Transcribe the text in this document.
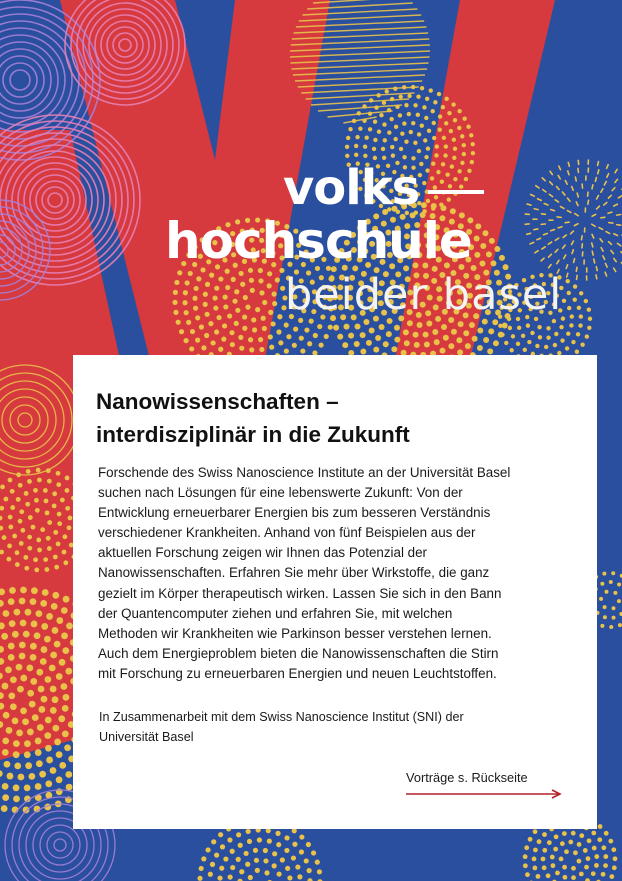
volks
hochschule
beider basel
Nanowissenschaften –
interdisziplinär in die Zukunft
Forschende des Swiss Nanoscience Institute an der Universität Basel
suchen nach Lösungen für eine lebenswerte Zukunft: Von der
Entwicklung erneuerbarer Energien bis zum besseren Verständnis
verschiedener Krankheiten. Anhand von fünf Beispielen aus der
aktuellen Forschung zeigen wir Ihnen das Potenzial der
Nanowissenschaften. Erfahren Sie mehr über Wirkstoffe, die ganz
gezielt im Körper therapeutisch wirken. Lassen Sie sich in den Bann
der Quantencomputer ziehen und erfahren Sie, mit welchen
Methoden wir Krankheiten wie Parkinson besser verstehen lernen.
Auch dem Energieproblem bieten die Nanowissenschaften die Stirn
mit Forschung zu erneuerbaren Energien und neuen Leuchtstoffen.
In Zusammenarbeit mit dem Swiss Nanoscience Institut (SNI) der
Universität Basel
Vorträge s. Rückseite
